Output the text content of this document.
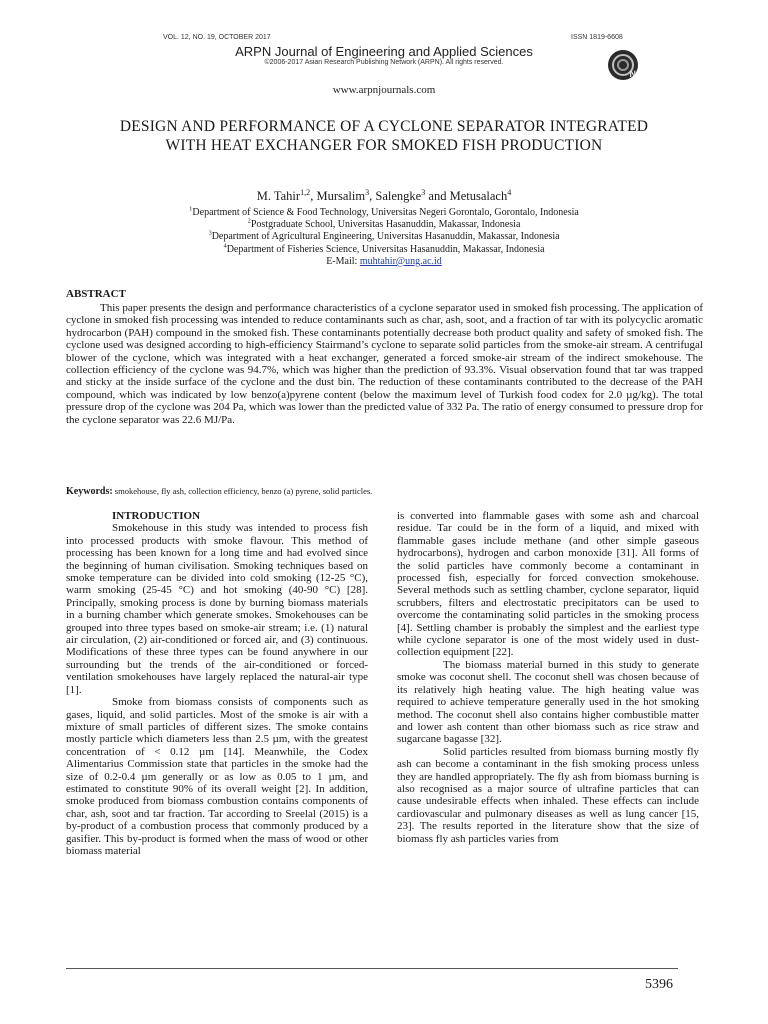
VOL. 12, NO. 19, OCTOBER 2017	ISSN 1819-6608
ARPN Journal of Engineering and Applied Sciences
©2006-2017 Asian Research Publishing Network (ARPN). All rights reserved.
N
www.arpnjournals.com
DESIGN AND PERFORMANCE OF A CYCLONE SEPARATOR INTEGRATED WITH HEAT EXCHANGER FOR SMOKED FISH PRODUCTION
M. Tahir$^{1,2}$, Mursalim$^3$, Salengke$^3$ and Metusalach$^4$
$^1$Department of Science & Food Technology, Universitas Negeri Gorontalo, Gorontalo, Indonesia
$^2$Postgraduate School, Universitas Hasanuddin, Makassar, Indonesia
$^3$Department of Agricultural Engineering, Universitas Hasanuddin, Makassar, Indonesia
$^4$Department of Fisheries Science, Universitas Hasanuddin, Makassar, Indonesia
E-Mail: muhtahir@ung.ac.id
ABSTRACT

This paper presents the design and performance characteristics of a cyclone separator used in smoked fish processing. The application of cyclone in smoked fish processing was intended to reduce contaminants such as char, ash, soot, and a fraction of tar with its polycyclic aromatic hydrocarbon (PAH) compound in the smoked fish. These contaminants potentially decrease both product quality and safety of smoked fish. The cyclone used was designed according to high-efficiency Stairmand’s cyclone to separate solid particles from the smoke-air stream. A centrifugal blower of the cyclone, which was integrated with a heat exchanger, generated a forced smoke-air stream of the indirect smokehouse. The collection efficiency of the cyclone was 94.7%, which was higher than the prediction of 93.3%. Visual observation found that tar was trapped and sticky at the inside surface of the cyclone and the dust bin. The reduction of these contaminants contributed to the decrease of the PAH compound, which was indicated by low benzo(a)pyrene content (below the maximum level of Turkish food codex for 2.0 µg/kg). The total pressure drop of the cyclone was 204 Pa, which was lower than the predicted value of 332 Pa. The ratio of energy consumed to pressure drop for the cyclone separator was 22.6 MJ/Pa.

Keywords: smokehouse, fly ash, collection efficiency, benzo (a) pyrene, solid particles.

INTRODUCTION

Smokehouse in this study was intended to process fish into processed products with smoke flavour. This method of processing has been known for a long time and had evolved since the beginning of human civilisation. Smoking techniques based on smoke temperature can be divided into cold smoking (12-25 °C), warm smoking (25-45 °C) and hot smoking (40-90 °C) [28]. Principally, smoking process is done by burning biomass materials in a burning chamber which generate smokes. Smokehouses can be grouped into three types based on smoke-air stream; i.e. (1) natural air circulation, (2) air-conditioned or forced air, and (3) continuous. Modifications of these three types can be found anywhere in our surrounding but the trends of the air-conditioned or forced-ventilation smokehouses have largely replaced the natural-air type [1].

Smoke from biomass consists of components such as gases, liquid, and solid particles. Most of the smoke is air with a mixture of small particles of different sizes. The smoke contains mostly particle which diameters less than 2.5 µm, with the greatest concentration of < 0.12 µm [14]. Meanwhile, the Codex Alimentarius Commission state that particles in the smoke had the size of 0.2-0.4 µm generally or as low as 0.05 to 1 µm, and estimated to constitute 90% of its overall weight [2]. In addition, smoke produced from biomass combustion contains components of char, ash, soot and tar fraction. Tar according to Sreelal (2015) is a by-product of a combustion process that commonly produced by a gasifier. This by-product is formed when the mass of wood or other biomass material

is converted into flammable gases with some ash and charcoal residue. Tar could be in the form of a liquid, and mixed with flammable gases include methane (and other simple gaseous hydrocarbons), hydrogen and carbon monoxide [31]. All forms of the solid particles have commonly become a contaminant in processed fish, especially for forced convection smokehouse. Several methods such as settling chamber, cyclone separator, liquid scrubbers, filters and electrostatic precipitators can be used to overcome the contaminating solid particles in the smoking process [4]. Settling chamber is probably the simplest and the earliest type while cyclone separator is one of the most widely used in dust-collection equipment [22].

The biomass material burned in this study to generate smoke was coconut shell. The coconut shell was chosen because of its relatively high heating value. The high heating value was required to achieve temperature generally used in the hot smoking method. The coconut shell also contains higher combustible matter and lower ash content than other biomass such as rice straw and sugarcane bagasse [32].

Solid particles resulted from biomass burning mostly fly ash can become a contaminant in the fish smoking process unless they are handled appropriately. The fly ash from biomass burning is also recognised as a major source of ultrafine particles that can cause undesirable effects when inhaled. These effects can include cardiovascular and pulmonary diseases as well as lung cancer [15, 23]. The results reported in the literature show that the size of biomass fly ash particles varies from

5396
